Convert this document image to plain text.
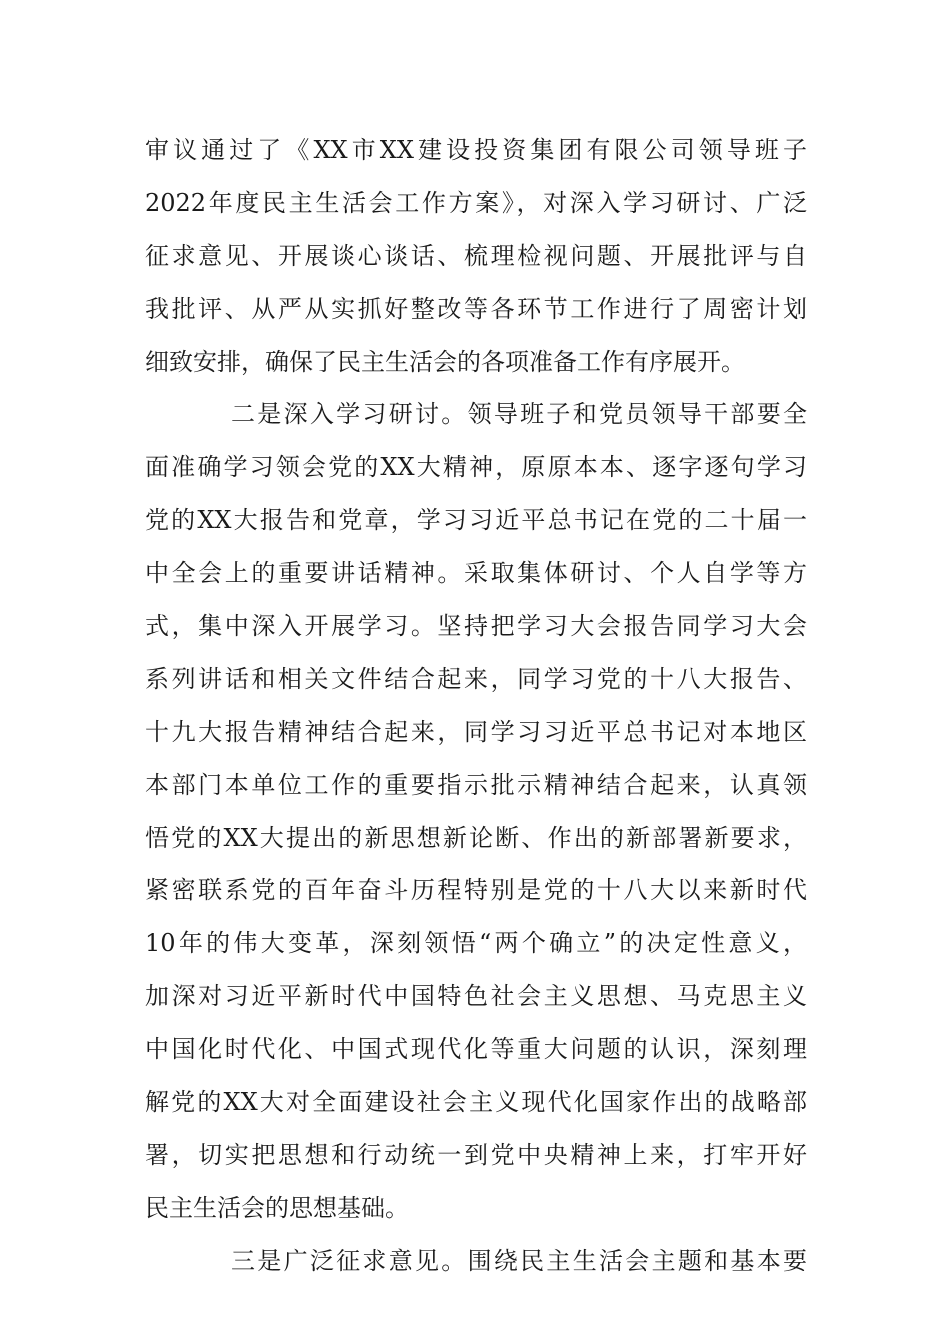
审议通过了《XX市XX建设投资集团有限公司领导班子
2022年度民主生活会工作方案》，对深入学习研讨、广泛
征求意见、开展谈心谈话、梳理检视问题、开展批评与自
我批评、从严从实抓好整改等各环节工作进行了周密计划
细致安排，确保了民主生活会的各项准备工作有序展开。
二是深入学习研讨。领导班子和党员领导干部要全
面准确学习领会党的XX大精神，原原本本、逐字逐句学习
党的XX大报告和党章，学习习近平总书记在党的二十届一
中全会上的重要讲话精神。采取集体研讨、个人自学等方
式，集中深入开展学习。坚持把学习大会报告同学习大会
系列讲话和相关文件结合起来，同学习党的十八大报告、
十九大报告精神结合起来，同学习习近平总书记对本地区
本部门本单位工作的重要指示批示精神结合起来，认真领
悟党的XX大提出的新思想新论断、作出的新部署新要求，
紧密联系党的百年奋斗历程特别是党的十八大以来新时代
10年的伟大变革，深刻领悟“两个确立”的决定性意义，
加深对习近平新时代中国特色社会主义思想、马克思主义
中国化时代化、中国式现代化等重大问题的认识，深刻理
解党的XX大对全面建设社会主义现代化国家作出的战略部
署，切实把思想和行动统一到党中央精神上来，打牢开好
民主生活会的思想基础。
三是广泛征求意见。围绕民主生活会主题和基本要
